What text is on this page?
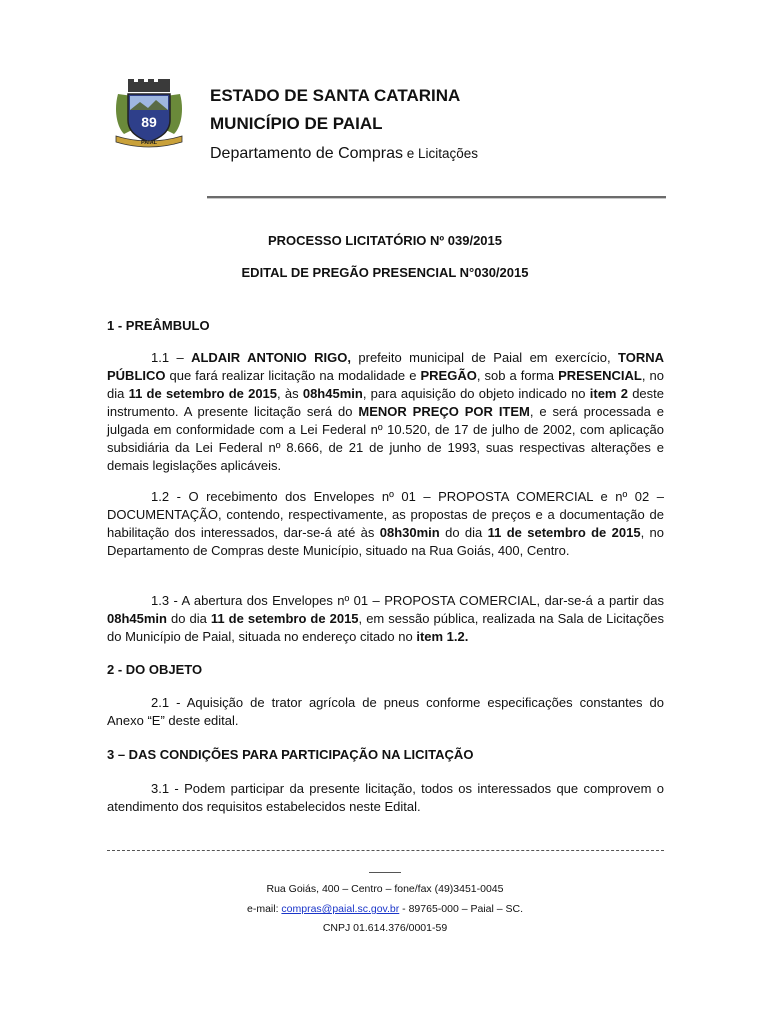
89
PAIAL
ESTADO DE SANTA CATARINA
MUNICÍPIO DE PAIAL
Departamento de Compras e Licitações
PROCESSO LICITATÓRIO Nº 039/2015
EDITAL DE PREGÃO PRESENCIAL N°030/2015
1 - PREÂMBULO

1.1 – ALDAIR ANTONIO RIGO, prefeito municipal de Paial em exercício, TORNA PÚBLICO que fará realizar licitação na modalidade e PREGÃO, sob a forma PRESENCIAL, no dia 11 de setembro de 2015, às 08h45min, para aquisição do objeto indicado no item 2 deste instrumento. A presente licitação será do MENOR PREÇO POR ITEM, e será processada e julgada em conformidade com a Lei Federal nº 10.520, de 17 de julho de 2002, com aplicação subsidiária da Lei Federal nº 8.666, de 21 de junho de 1993, suas respectivas alterações e demais legislações aplicáveis.

1.2 - O recebimento dos Envelopes nº 01 – PROPOSTA COMERCIAL e nº 02 – DOCUMENTAÇÃO, contendo, respectivamente, as propostas de preços e a documentação de habilitação dos interessados, dar-se-á até às 08h30min do dia 11 de setembro de 2015, no Departamento de Compras deste Município, situado na Rua Goiás, 400, Centro.

1.3 - A abertura dos Envelopes nº 01 – PROPOSTA COMERCIAL, dar-se-á a partir das 08h45min do dia 11 de setembro de 2015, em sessão pública, realizada na Sala de Licitações do Município de Paial, situada no endereço citado no item 1.2.

2 - DO OBJETO

2.1 - Aquisição de trator agrícola de pneus conforme especificações constantes do Anexo “E” deste edital.

3 – DAS CONDIÇÕES PARA PARTICIPAÇÃO NA LICITAÇÃO

3.1 - Podem participar da presente licitação, todos os interessados que comprovem o atendimento dos requisitos estabelecidos neste Edital.

Rua Goiás, 400 – Centro – fone/fax (49)3451-0045
e-mail: compras@paial.sc.gov.br - 89765-000 – Paial – SC.
CNPJ 01.614.376/0001-59
